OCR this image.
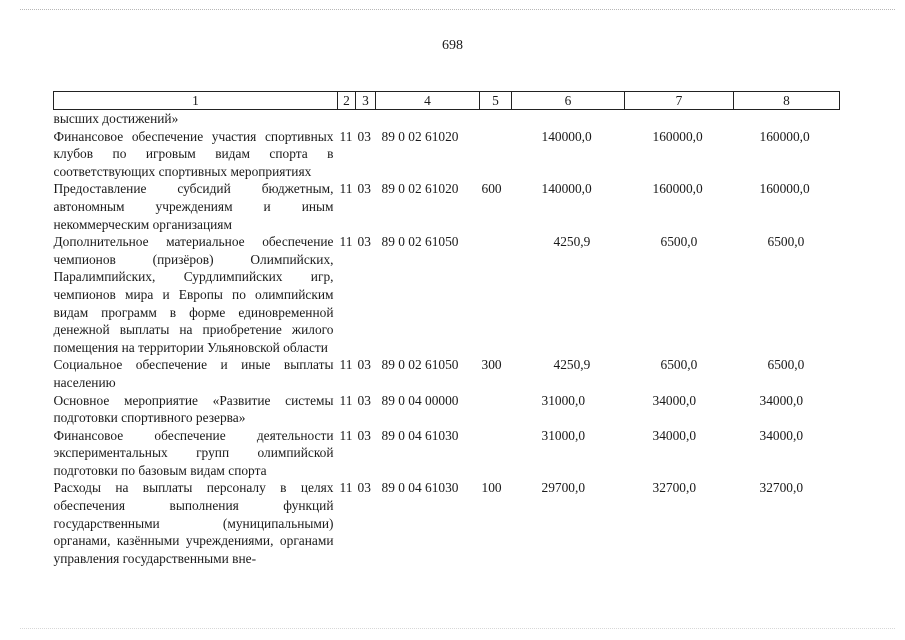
698
1	2	3	4	5	6	7	8
высших достижений»							
Финансовое обеспечение участия спортивных клубов по игровым видам спорта в соответствующих спортивных мероприятиях	11	03	89 0 02 61020		140000,0	160000,0	160000,0
Предоставление субсидий бюджетным, автономным учреждениям и иным некоммерческим организациям	11	03	89 0 02 61020	600	140000,0	160000,0	160000,0
Дополнительное материальное обеспечение чемпионов (призёров) Олимпийских, Паралимпийских, Сурдлимпийских игр, чемпионов мира и Европы по олимпийским видам программ в форме единовременной денежной выплаты на приобретение жилого помещения на территории Ульяновской области	11	03	89 0 02 61050		4250,9	6500,0	6500,0
Социальное обеспечение и иные выплаты населению	11	03	89 0 02 61050	300	4250,9	6500,0	6500,0
Основное мероприятие «Развитие системы подготовки спортивного резерва»	11	03	89 0 04 00000		31000,0	34000,0	34000,0
Финансовое обеспечение деятельности экспериментальных групп олимпийской подготовки по базовым видам спорта	11	03	89 0 04 61030		31000,0	34000,0	34000,0
Расходы на выплаты персоналу в целях обеспечения выполнения функций государственными (муниципальными) органами, казёнными учреждениями, органами управления государственными вне-	11	03	89 0 04 61030	100	29700,0	32700,0	32700,0
